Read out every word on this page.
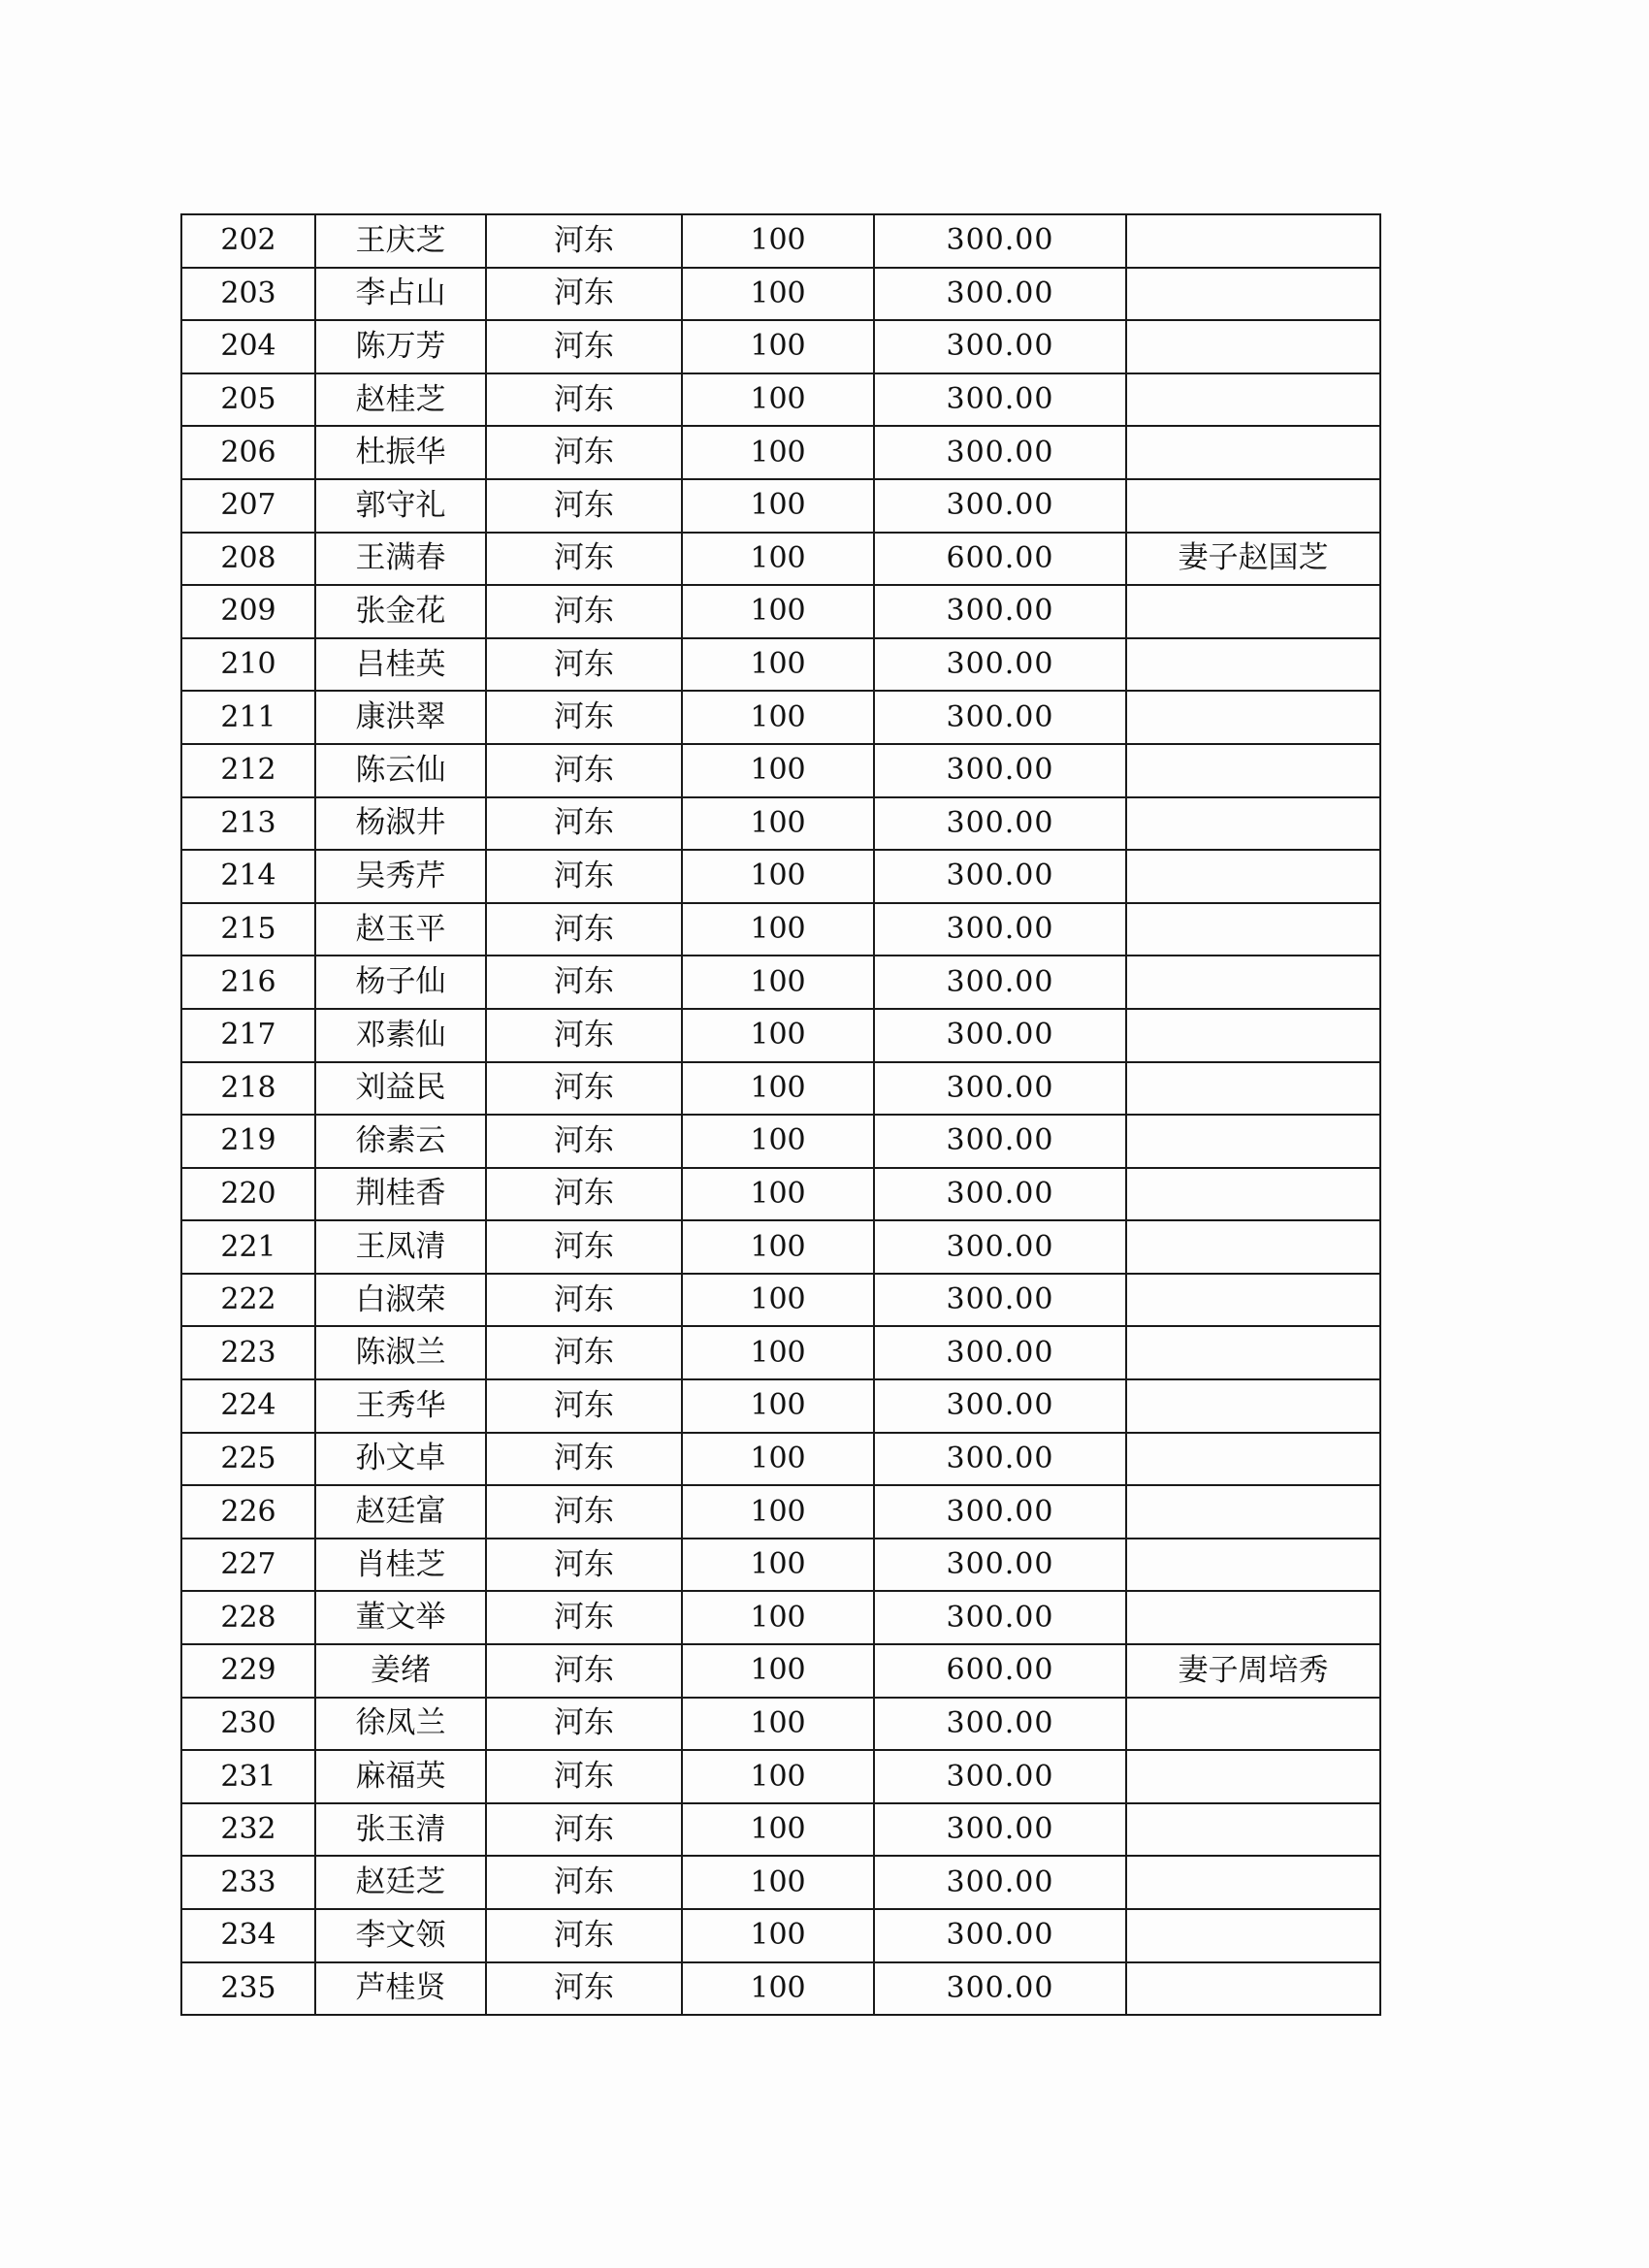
202	王庆芝	河东	100	300.00	
203	李占山	河东	100	300.00	
204	陈万芳	河东	100	300.00	
205	赵桂芝	河东	100	300.00	
206	杜振华	河东	100	300.00	
207	郭守礼	河东	100	300.00	
208	王满春	河东	100	600.00	妻子赵国芝
209	张金花	河东	100	300.00	
210	吕桂英	河东	100	300.00	
211	康洪翠	河东	100	300.00	
212	陈云仙	河东	100	300.00	
213	杨淑井	河东	100	300.00	
214	吴秀芹	河东	100	300.00	
215	赵玉平	河东	100	300.00	
216	杨子仙	河东	100	300.00	
217	邓素仙	河东	100	300.00	
218	刘益民	河东	100	300.00	
219	徐素云	河东	100	300.00	
220	荆桂香	河东	100	300.00	
221	王凤清	河东	100	300.00	
222	白淑荣	河东	100	300.00	
223	陈淑兰	河东	100	300.00	
224	王秀华	河东	100	300.00	
225	孙文卓	河东	100	300.00	
226	赵廷富	河东	100	300.00	
227	肖桂芝	河东	100	300.00	
228	董文举	河东	100	300.00	
229	姜绪	河东	100	600.00	妻子周培秀
230	徐凤兰	河东	100	300.00	
231	麻福英	河东	100	300.00	
232	张玉清	河东	100	300.00	
233	赵廷芝	河东	100	300.00	
234	李文领	河东	100	300.00	
235	芦桂贤	河东	100	300.00	
